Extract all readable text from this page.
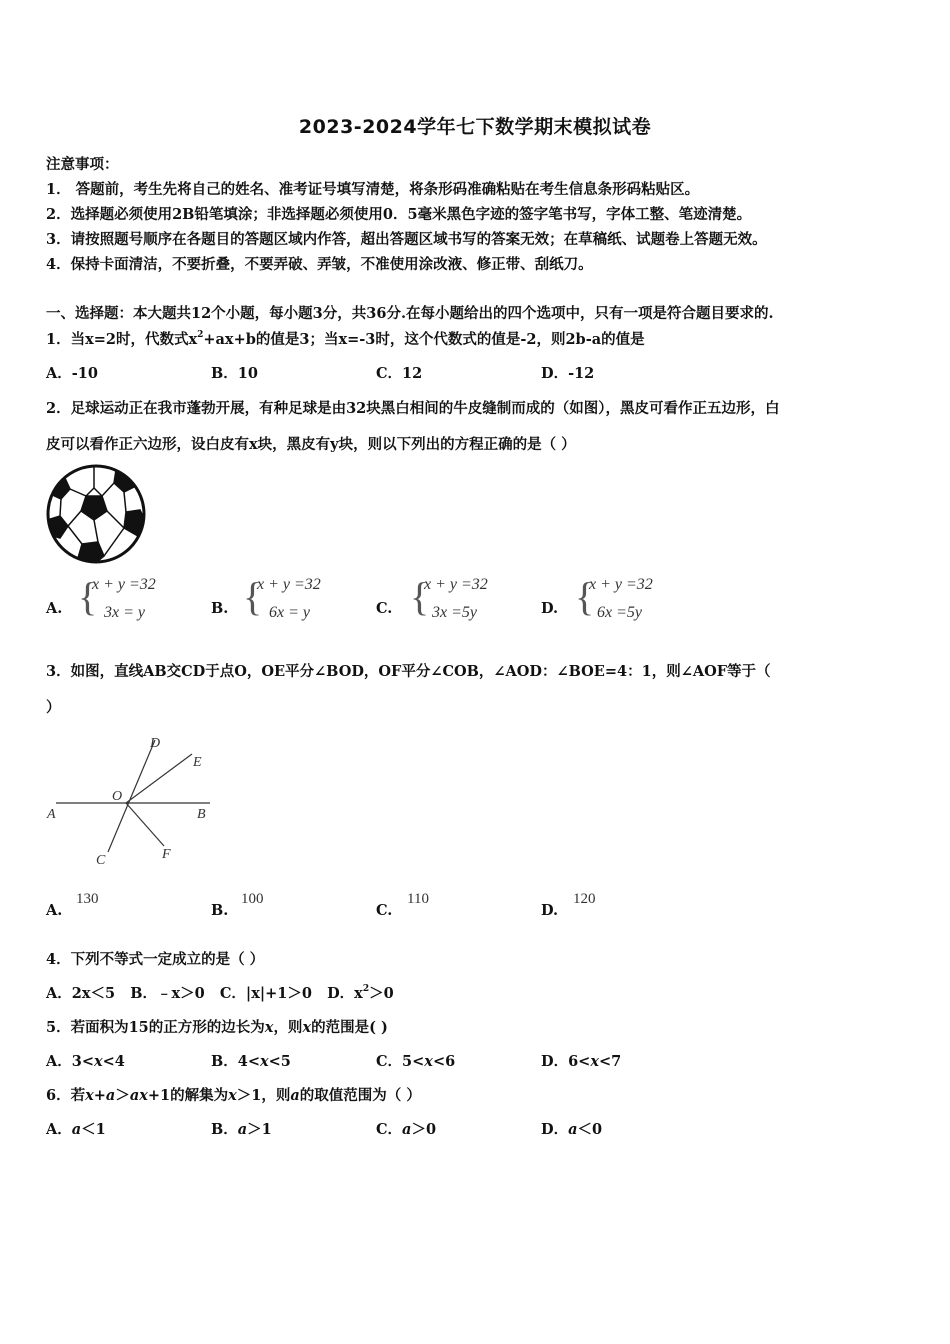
2023-2024学年七下数学期末模拟试卷
注意事项：
1． 答题前，考生先将自己的姓名、准考证号填写清楚，将条形码准确粘贴在考生信息条形码粘贴区。
2．选择题必须使用2B铅笔填涂；非选择题必须使用0．5毫米黑色字迹的签字笔书写，字体工整、笔迹清楚。
3．请按照题号顺序在各题目的答题区域内作答，超出答题区域书写的答案无效；在草稿纸、试题卷上答题无效。
4．保持卡面清洁，不要折叠，不要弄破、弄皱，不准使用涂改液、修正带、刮纸刀。
一、选择题：本大题共12个小题，每小题3分，共36分.在每小题给出的四个选项中，只有一项是符合题目要求的.
1．当x=2时，代数式$x^2+ax+b$的值是3；当x=-3时，这个代数式的值是-2，则2b-a的值是
A．-10	B．10	C．12	D．-12
2．足球运动正在我市蓬勃开展，有种足球是由32块黑白相间的牛皮缝制而成的（如图），黑皮可看作正五边形，白
皮可以看作正六边形，设白皮有x块，黑皮有y块，则以下列出的方程正确的是（ ）
A. {
x + y =32
3x = y	B. {
x + y =32
6x = y	C. {
x + y =32
3x =5y	D. {
x + y =32
6x =5y
3．如图，直线AB交CD于点O，OE平分∠BOD，OF平分∠COB，∠AOD：∠BOE=4：1，则∠AOF等于（
）
D
E
O
A	B
C	F
A.
130
B.
100
C.
110
D.
120
4．下列不等式一定成立的是（ ）
A．2x＜5 B．﹣x＞0 C．|x|+1＞0 D．$x^2>0$
5．若面积为15的正方形的边长为x，则x的范围是( )
A．3<x<4	B．4<x<5	C．5<x<6	D．6<x<7
6．若x+a＞ax+1的解集为x＞1，则a的取值范围为（ ）
A．a＜1	B．a＞1	C．a＞0	D．a＜0
